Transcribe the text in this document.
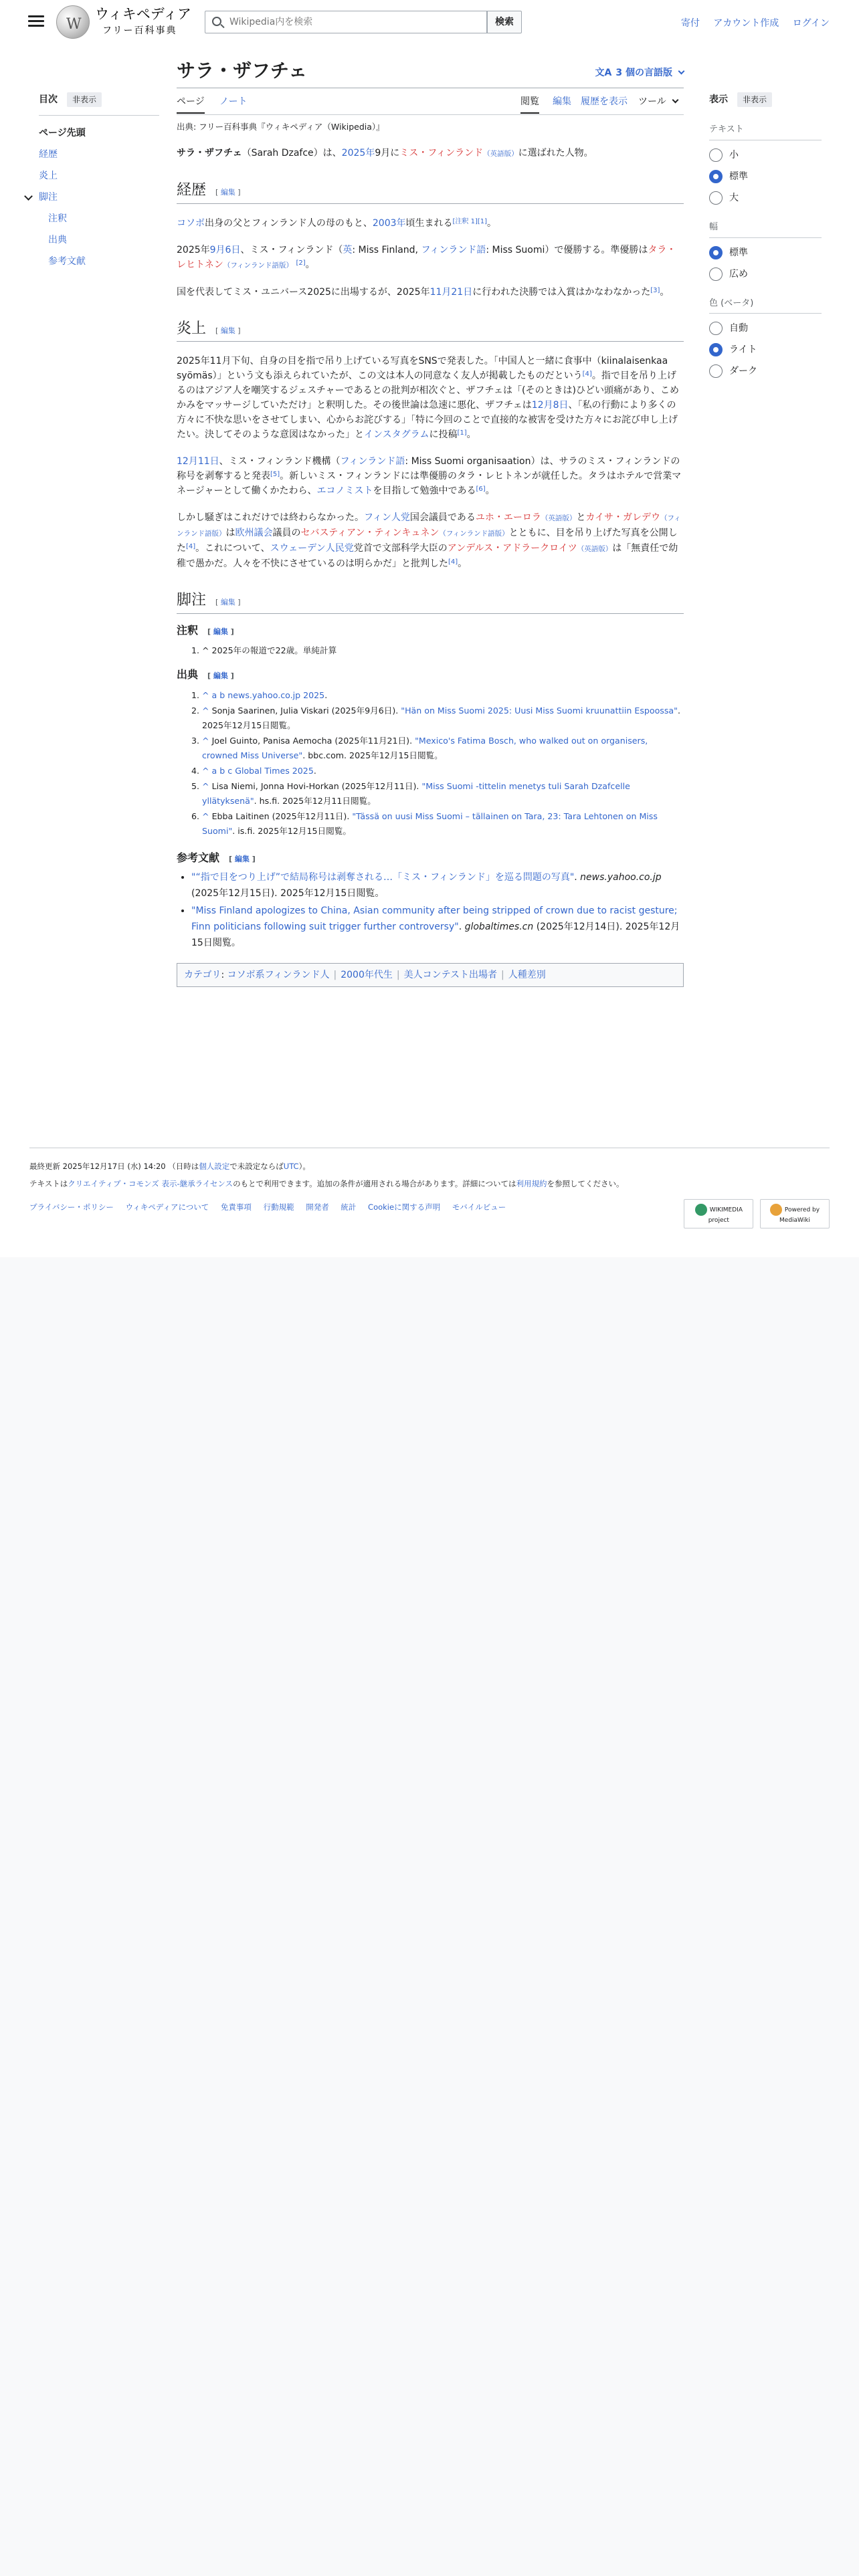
W
ウィキペディア
フリー百科事典
Wikipedia内を検索
検索	寄付 アカウント作成 ログイン
目次	非表示
ページ先頭
経歴
炎上
脚注
注釈
出典
参考文献
サラ・ザフチェ	文A 3 個の言語版
ページ ノート	閲覧 編集 履歴を表示 ツール
出典: フリー百科事典『ウィキペディア（Wikipedia）』

サラ・ザフチェ（Sarah Dzafce）は、2025年9月にミス・フィンランド（英語版）に選ばれた人物。

経歴 [ 編集 ]

コソボ出身の父とフィンランド人の母のもと、2003年頃生まれる[注釈 1][1]。

2025年9月6日、ミス・フィンランド（英: Miss Finland, フィンランド語: Miss Suomi）で優勝する。準優勝はタラ・レヒトネン（フィンランド語版） [2]。

国を代表してミス・ユニバース2025に出場するが、2025年11月21日に行われた決勝では入賞はかなわなかった[3]。

炎上 [ 編集 ]

2025年11月下旬、自身の目を指で吊り上げている写真をSNSで発表した。「中国人と一緒に食事中（kiinalaisenkaa syömäs）」という文も添えられていたが、この文は本人の同意なく友人が掲載したものだという[4]。指で目を吊り上げるのはアジア人を嘲笑するジェスチャーであるとの批判が相次ぐと、ザフチェは「(そのときは)ひどい頭痛があり、こめかみをマッサージしていただけ」と釈明した。その後世論は急速に悪化、ザフチェは12月8日、「私の行動により多くの方々に不快な思いをさせてしまい、心からお詫びする」「特に今回のことで直接的な被害を受けた方々にお詫び申し上げたい。決してそのような意図はなかった」とインスタグラムに投稿[1]。

12月11日、ミス・フィンランド機構（フィンランド語: Miss Suomi organisaation）は、サラのミス・フィンランドの称号を剥奪すると発表[5]。新しいミス・フィンランドには準優勝のタラ・レヒトネンが就任した。タラはホテルで営業マネージャーとして働くかたわら、エコノミストを目指して勉強中である[6]。

しかし騒ぎはこれだけでは終わらなかった。フィン人党国会議員であるユホ・エーロラ（英語版）とカイサ・ガレデウ（フィンランド語版）は欧州議会議員のセバスティアン・ティンキュネン（フィンランド語版）とともに、目を吊り上げた写真を公開した[4]。これについて、スウェーデン人民党党首で文部科学大臣のアンデルス・アドラークロイツ（英語版）は「無責任で幼稚で愚かだ。人々を不快にさせているのは明らかだ」と批判した[4]。

脚注 [ 編集 ]
注釈 [ 編集 ]
1. ^ 2025年の報道で22歳。単純計算
出典 [ 編集 ]
1. ^ a b news.yahoo.co.jp 2025.
2. ^ Sonja Saarinen, Julia Viskari (2025年9月6日). "Hän on Miss Suomi 2025: Uusi Miss Suomi kruunattiin Espoossa". 2025年12月15日閲覧。
3. ^ Joel Guinto, Panisa Aemocha (2025年11月21日). "Mexico's Fatima Bosch, who walked out on organisers, crowned Miss Universe". bbc.com. 2025年12月15日閲覧。
4. ^ a b c Global Times 2025.
5. ^ Lisa Niemi, Jonna Hovi-Horkan (2025年12月11日). "Miss Suomi -tittelin menetys tuli Sarah Dzafcelle yllätyksenä". hs.fi. 2025年12月11日閲覧。
6. ^ Ebba Laitinen (2025年12月11日). "Tässä on uusi Miss Suomi – tällainen on Tara, 23: Tara Lehtonen on Miss Suomi". is.fi. 2025年12月15日閲覧。
参考文献 [ 編集 ]
• "“指で目をつり上げ”で結局称号は剥奪される…「ミス・フィンランド」を巡る問題の写真". news.yahoo.co.jp (2025年12月15日). 2025年12月15日閲覧。
• "Miss Finland apologizes to China, Asian community after being stripped of crown due to racist gesture; Finn politicians following suit trigger further controversy". globaltimes.cn (2025年12月14日). 2025年12月15日閲覧。
カテゴリ: コソボ系フィンランド人 | 2000年代生 | 美人コンテスト出場者 | 人種差別
表示	非表示
テキスト
小
標準
大
幅
標準
広め
色 (ベータ)
自動
ライト
ダーク
最終更新 2025年12月17日 (水) 14:20 （日時は個人設定で未設定ならばUTC）。
テキストはクリエイティブ・コモンズ 表示-継承ライセンスのもとで利用できます。追加の条件が適用される場合があります。詳細については利用規約を参照してください。
プライバシー・ポリシー ウィキペディアについて 免責事項 行動規範 開発者 統計 Cookieに関する声明 モバイルビュー	WIKIMEDIA project Powered by MediaWiki
